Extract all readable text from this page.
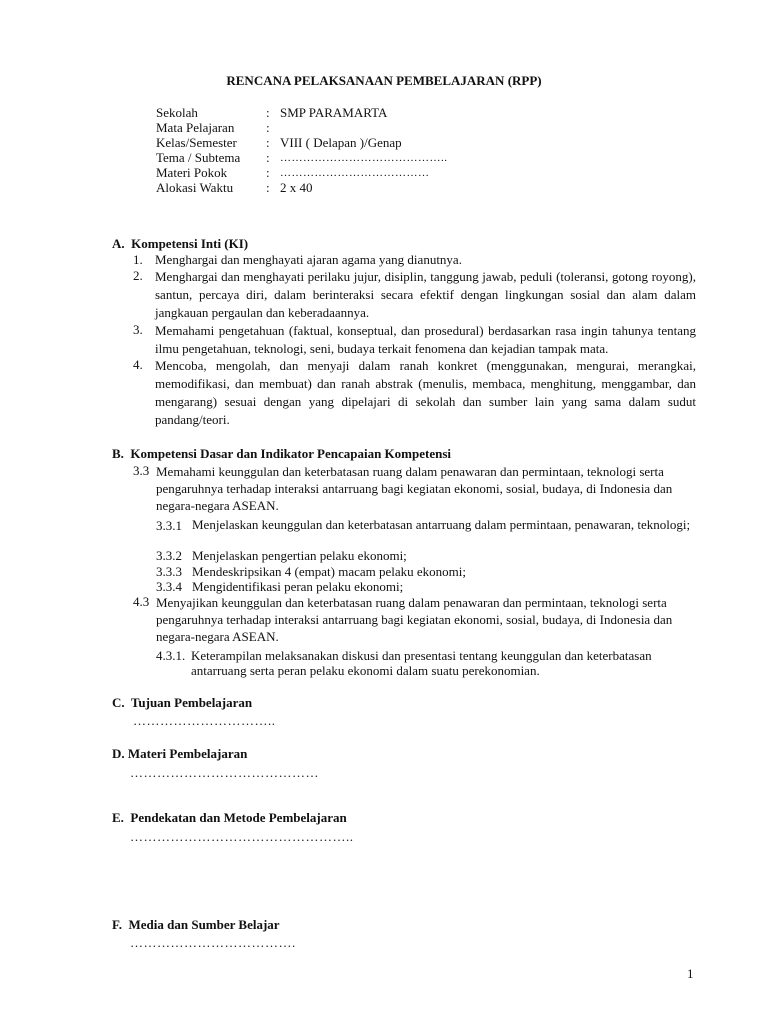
RENCANA PELAKSANAAN PEMBELAJARAN (RPP)
Sekolah	: SMP PARAMARTA
Mata Pelajaran :
Kelas/Semester : VIII ( Delapan )/Genap
Tema / Subtema : ……………………………………..
Materi Pokok	: …………………………………
Alokasi Waktu	: 2 x 40
A.  Kompetensi Inti (KI)
1. Menghargai dan menghayati ajaran agama yang dianutnya.
2. Menghargai dan menghayati perilaku jujur, disiplin, tanggung jawab, peduli (toleransi, gotong royong), santun, percaya diri, dalam berinteraksi secara efektif dengan lingkungan sosial dan alam dalam jangkauan pergaulan dan keberadaannya.
3. Memahami pengetahuan (faktual, konseptual, dan prosedural) berdasarkan rasa ingin tahunya tentang ilmu pengetahuan, teknologi, seni, budaya terkait fenomena dan kejadian tampak mata.
4. Mencoba, mengolah, dan menyaji dalam ranah konkret (menggunakan, mengurai, merangkai, memodifikasi, dan membuat) dan ranah abstrak (menulis, membaca, menghitung, menggambar, dan mengarang) sesuai dengan yang dipelajari di sekolah dan sumber lain yang sama dalam sudut pandang/teori.
B.  Kompetensi Dasar dan Indikator Pencapaian Kompetensi
3.3 Memahami keunggulan dan keterbatasan ruang dalam penawaran dan permintaan, teknologi serta pengaruhnya terhadap interaksi antarruang bagi kegiatan ekonomi, sosial, budaya, di Indonesia dan negara-negara ASEAN.
3.3.1 Menjelaskan keunggulan dan keterbatasan antarruang dalam permintaan, penawaran, teknologi;
3.3.2 Menjelaskan pengertian pelaku ekonomi;
3.3.3 Mendeskripsikan 4 (empat) macam pelaku ekonomi;
3.3.4 Mengidentifikasi peran pelaku ekonomi;
4.3 Menyajikan keunggulan dan keterbatasan ruang dalam penawaran dan permintaan, teknologi serta pengaruhnya terhadap interaksi antarruang bagi kegiatan ekonomi, sosial, budaya, di Indonesia dan negara-negara ASEAN.
4.3.1. Keterampilan melaksanakan diskusi dan presentasi tentang keunggulan dan keterbatasan antarruang serta peran pelaku ekonomi dalam suatu perekonomian.
C.  Tujuan Pembelajaran
…………………………..
D. Materi Pembelajaran
……………………………………
E.  Pendekatan dan Metode Pembelajaran
…………………………………………..
F.  Media dan Sumber Belajar
……………………………….
1
